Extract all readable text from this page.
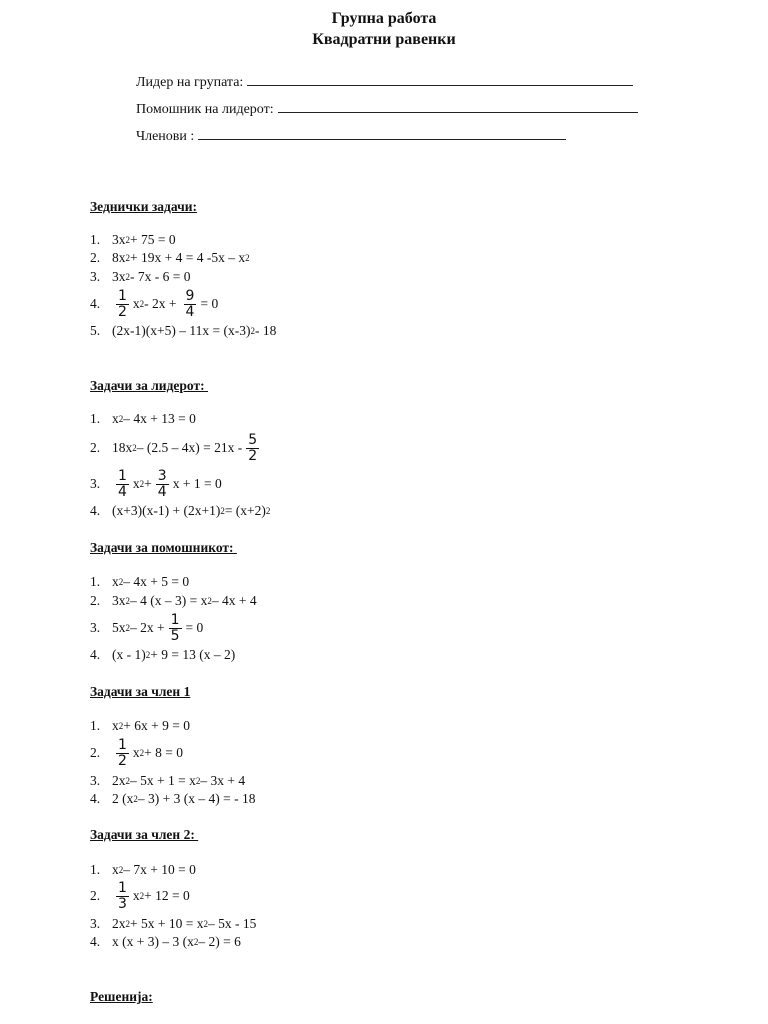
Групна работа
Квадратни равенки
Лидер на групата:
Помошник на лидерот:
Членови :
Зеднички задачи:
1. 3x 2 + 75 = 0
2. 8x 2 + 19x + 4 = 4 -5x – x 2
3. 3x 2 - 7x - 6 = 0
4.	$\frac{1}{2}$ x $2 - 2x + \frac{9}{4} = 0$
5. (2x-1)(x+5) – 11x = (x-3) 2 - 18
Задачи за лидерот:
1. x 2 – 4x + 13 = 0
2. 18x $2 - (2.5 - 4x) = 21x - \frac{5}{2}$
3.	$\frac{1}{4}$ x $2 + \frac{3}{4}$ x + 1 = 0
4. (x+3)(x-1) + (2x+1) 2 = (x+2) 2
Задачи за помошникот:
1. x 2 – 4x + 5 = 0
2. 3x 2 – 4 (x – 3) = x 2 – 4x + 4
3. 5x $2 - 2x + \frac{1}{5} = 0$
4. (x - 1) 2 + 9 = 13 (x – 2)
Задачи за член 1
1. x 2 + 6x + 9 = 0
2.	$\frac{1}{2}$ x 2 + 8 = 0
3. 2x 2 – 5x + 1 = x 2 – 3x + 4
4. 2 (x 2 – 3) + 3 (x – 4) = - 18
Задачи за член 2:
1. x 2 – 7x + 10 = 0
2.	$\frac{1}{3}$ x 2 + 12 = 0
3. 2x 2 + 5x + 10 = x 2 – 5x - 15
4. x (x + 3) – 3 (x 2 – 2) = 6
Решенија:
